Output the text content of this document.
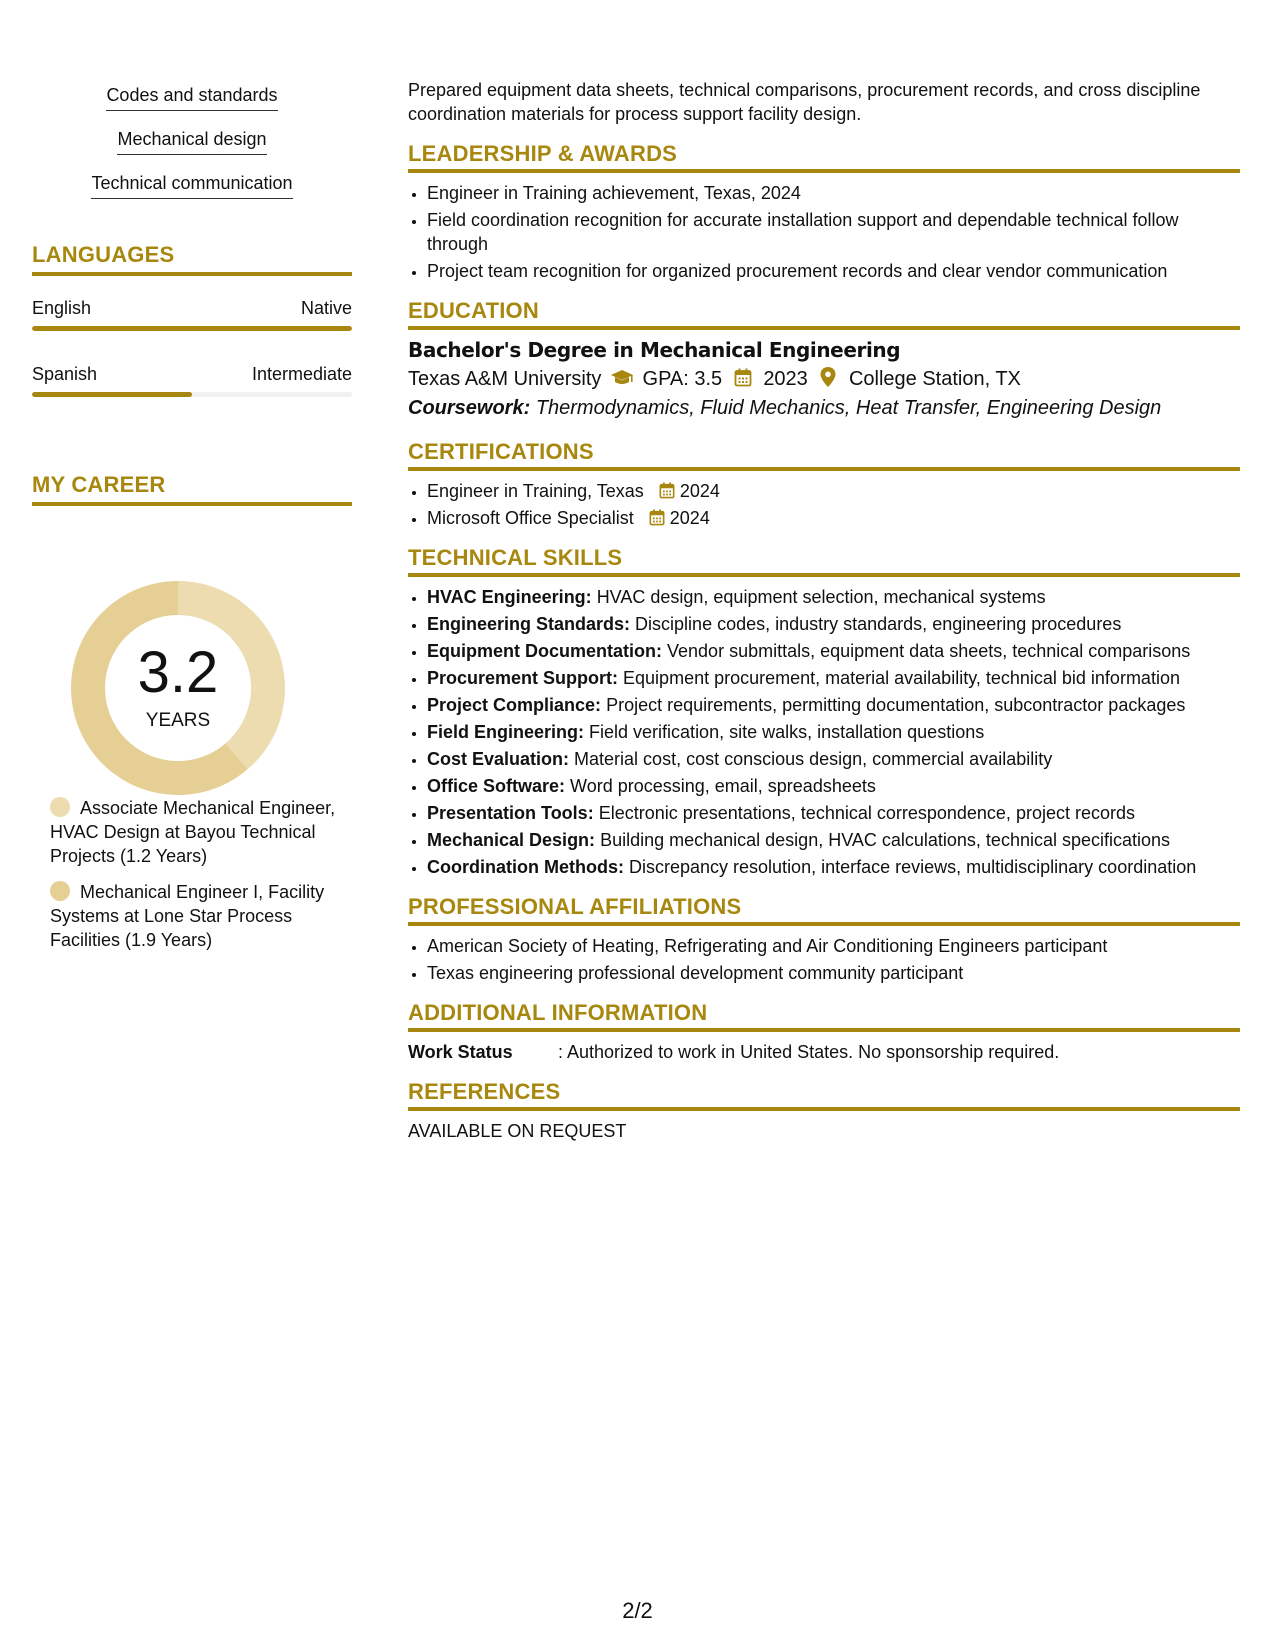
Codes and standards
Mechanical design
Technical communication
LANGUAGES
English	Native
Spanish	Intermediate
MY CAREER
3.2
YEARS
Associate Mechanical Engineer, HVAC Design at Bayou Technical Projects (1.2 Years)
Mechanical Engineer I, Facility Systems at Lone Star Process Facilities (1.9 Years)

Prepared equipment data sheets, technical comparisons, procurement records, and cross discipline coordination materials for process support facility design.

LEADERSHIP & AWARDS
• Engineer in Training achievement, Texas, 2024
• Field coordination recognition for accurate installation support and dependable technical follow through
• Project team recognition for organized procurement records and clear vendor communication
EDUCATION
Bachelor's Degree in Mechanical Engineering
Texas A&M University GPA: 3.5 2023 College Station, TX
Coursework: Thermodynamics, Fluid Mechanics, Heat Transfer, Engineering Design
CERTIFICATIONS
• Engineer in Training, Texas 2024
• Microsoft Office Specialist 2024
TECHNICAL SKILLS
• HVAC Engineering: HVAC design, equipment selection, mechanical systems
• Engineering Standards: Discipline codes, industry standards, engineering procedures
• Equipment Documentation: Vendor submittals, equipment data sheets, technical comparisons
• Procurement Support: Equipment procurement, material availability, technical bid information
• Project Compliance: Project requirements, permitting documentation, subcontractor packages
• Field Engineering: Field verification, site walks, installation questions
• Cost Evaluation: Material cost, cost conscious design, commercial availability
• Office Software: Word processing, email, spreadsheets
• Presentation Tools: Electronic presentations, technical correspondence, project records
• Mechanical Design: Building mechanical design, HVAC calculations, technical specifications
• Coordination Methods: Discrepancy resolution, interface reviews, multidisciplinary coordination
PROFESSIONAL AFFILIATIONS
• American Society of Heating, Refrigerating and Air Conditioning Engineers participant
• Texas engineering professional development community participant
ADDITIONAL INFORMATION
Work Status	: Authorized to work in United States. No sponsorship required.
REFERENCES
AVAILABLE ON REQUEST
2/2
